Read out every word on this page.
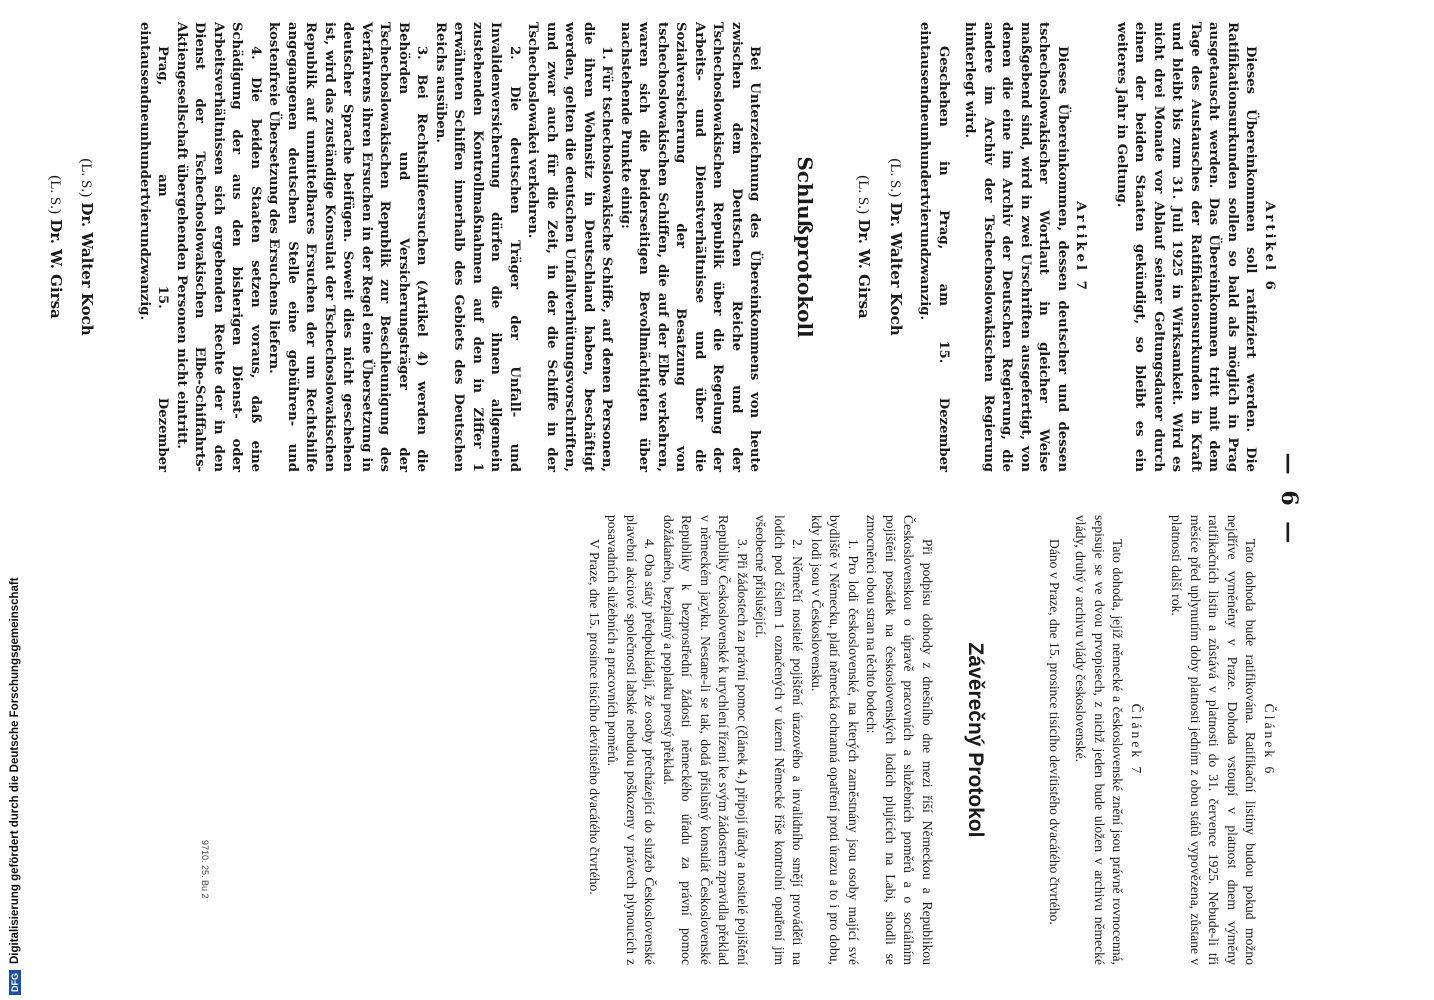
— 6 —
Artikel 6

Dieses Übereinkommen soll ratifiziert werden. Die Ratifikationsurkunden sollen so bald als möglich in Prag ausgetauscht werden. Das Übereinkommen tritt mit dem Tage des Austausches der Ratifikationsurkunden in Kraft und bleibt bis zum 31. Juli 1925 in Wirksamkeit. Wird es nicht drei Monate vor Ablauf seiner Geltungsdauer durch einen der beiden Staaten gekündigt, so bleibt es ein weiteres Jahr in Geltung.

Artikel 7

Dieses Übereinkommen, dessen deutscher und dessen tschechoslowakischer Wortlaut in gleicher Weise maßgebend sind, wird in zwei Urschriften ausgefertigt, von denen die eine im Archiv der Deutschen Regierung, die andere im Archiv der Tschechoslowakischen Regierung hinterlegt wird.

Geschehen in Prag, am 15. Dezember eintausendneunhundertvierundzwanzig.

(L. S.) Dr. Walter Koch
(L. S.) Dr. W. Girsa
Schlußprotokoll

Bei Unterzeichnung des Übereinkommens von heute zwischen dem Deutschen Reiche und der Tschechoslowakischen Republik über die Regelung der Arbeits- und Dienstverhältnisse und über die Sozialversicherung der Besatzung von tschechoslowakischen Schiffen, die auf der Elbe verkehren, waren sich die beiderseitigen Bevollmächtigten über nachstehende Punkte einig:

1. Für tschechoslowakische Schiffe, auf denen Personen, die ihren Wohnsitz in Deutschland haben, beschäftigt werden, gelten die deutschen Unfallverhütungsvorschriften, und zwar auch für die Zeit, in der die Schiffe in der Tschechoslowakei verkehren.

2. Die deutschen Träger der Unfall- und Invalidenversicherung dürfen die ihnen allgemein zustehenden Kontrollmaßnahmen auf den in Ziffer 1 erwähnten Schiffen innerhalb des Gebiets des Deutschen Reichs ausüben.

3. Bei Rechtshilfeersuchen (Artikel 4) werden die Behörden und Versicherungsträger der Tschechoslowakischen Republik zur Beschleunigung des Verfahrens ihren Ersuchen in der Regel eine Übersetzung in deutscher Sprache beifügen. Soweit dies nicht geschehen ist, wird das zuständige Konsulat der Tschechoslowakischen Republik auf unmittelbares Ersuchen der um Rechtshilfe angegangenen deutschen Stelle eine gebühren- und kostenfreie Übersetzung des Ersuchens liefern.

4. Die beiden Staaten setzen voraus, daß eine Schädigung der aus den bisherigen Dienst- oder Arbeitsverhältnissen sich ergebenden Rechte der in den Dienst der Tschechoslowakischen Elbe-Schiffahrts-Aktiengesellschaft übergehenden Personen nicht eintritt.

Prag, am 15. Dezember eintausendneunhundertvierundzwanzig.

(L. S.) Dr. Walter Koch
(L. S.) Dr. W. Girsa
Článek 6

Tato dohoda bude ratifikována. Ratifikační listiny budou pokud možno nejdříve vyměněny v Praze. Dohoda vstoupí v platnost dnem výměny ratifikačních listin a zůstává v platnosti do 31. července 1925. Nebude-li tři měsíce před uplynutím doby platnosti jedním z obou států vypovězena, zůstane v platnosti další rok.

Článek 7

Tato dohoda, jejíž německé a československé znění jsou právně rovnocenná, sepisuje se ve dvou prvopisech, z nichž jeden bude uložen v archivu německé vlády, druhý v archivu vlády československé.

Dáno v Praze, dne 15. prosince tisícího devítistého dvacátého čtvrtého.

Závěrečný Protokol

Při podpisu dohody z dnešního dne mezi říší Německou a Republikou Československou o úpravě pracovních a služebních poměrů a o sociálním pojištění posádek na československých lodích plujících na Labi, shodli se zmocněnci obou stran na těchto bodech:

1. Pro lodi československé, na kterých zaměstnány jsou osoby mající své bydliště v Německu, platí německá ochranná opatření proti úrazu a to i pro dobu, kdy lodi jsou v Československu.

2. Němečtí nositelé pojištění úrazového a invalidního smějí prováděti na lodích pod číslem 1 označených v území Německé říše kontrolní opatření jim všeobecně příslušející.

3. Při žádostech za právní pomoc (článek 4.) připojí úřady a nositelé pojištění Republiky Československé k urychlení řízení ke svým žádostem zpravidla překlad v německém jazyku. Nestane-li se tak, dodá příslušný konsulát Československé Republiky k bezprostřední žádosti německého úřadu za právní pomoc dožádaného, bezplatný a poplatku prostý překlad.

4. Oba státy předpokládají, že osoby přecházející do služeb Československé plavební akciové společnosti labské nebudou poškozeny v právech plynoucích z posavadních služebních a pracovních poměrů.

V Praze, dne 15. prosince tisícího devítistého dvacátého čtvrtého.

9710. 25. Bu 2
DFG
Digitalisierung gefördert durch die Deutsche Forschungsgemeinschaft
